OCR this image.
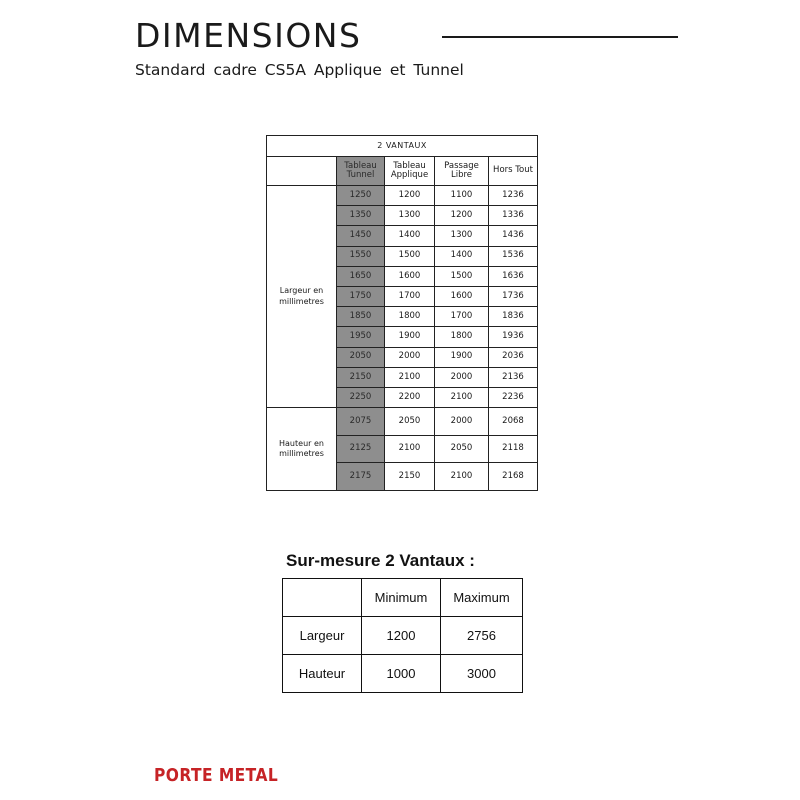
DIMENSIONS
Standard cadre CS5A Applique et Tunnel
2 VANTAUX				
	Tableau Tunnel	Tableau Applique	Passage Libre	Hors Tout
Largeur en millimetres	1250	1200	1100	1236
	1350	1300	1200	1336
	1450	1400	1300	1436
	1550	1500	1400	1536
	1650	1600	1500	1636
	1750	1700	1600	1736
	1850	1800	1700	1836
	1950	1900	1800	1936
	2050	2000	1900	2036
	2150	2100	2000	2136
	2250	2200	2100	2236
Hauteur en millimetres	2075	2050	2000	2068
	2125	2100	2050	2118
	2175	2150	2100	2168
Sur-mesure 2 Vantaux :
	Minimum	Maximum
Largeur	1200	2756
Hauteur	1000	3000
PORTE METAL
